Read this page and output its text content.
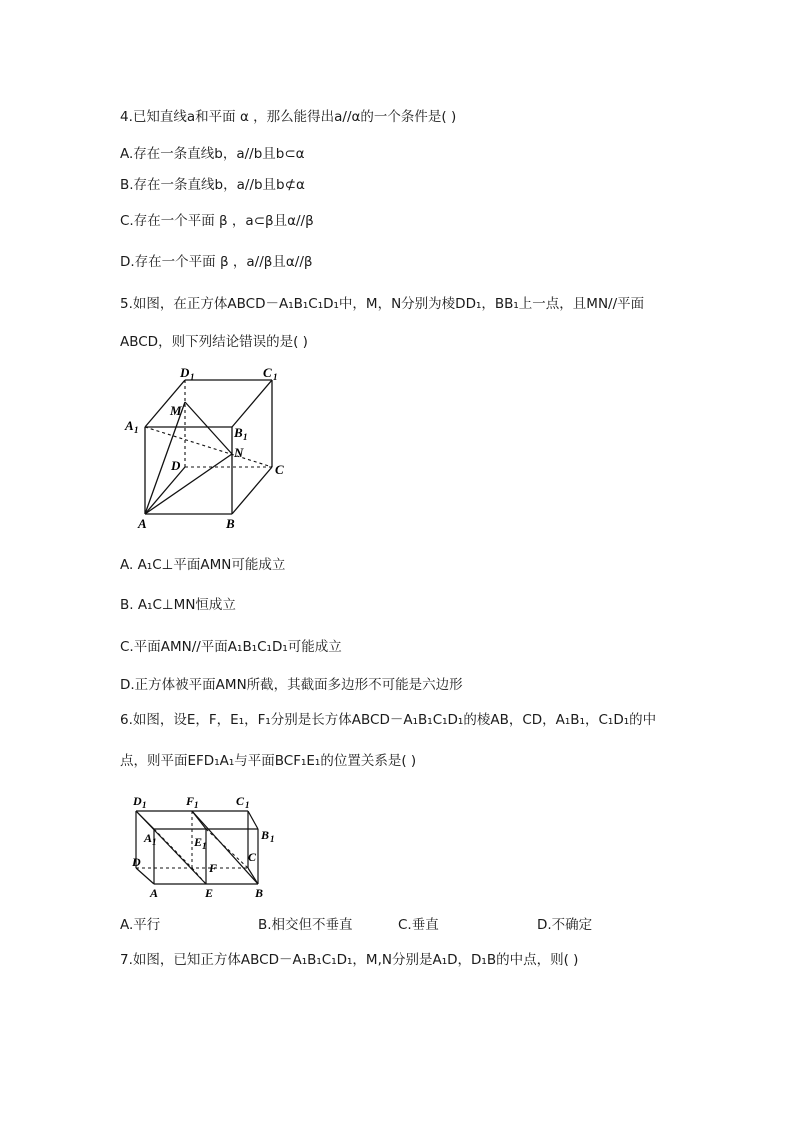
4.已知直线a和平面 α ，那么能得出a//α的一个条件是( )
A.存在一条直线b，a//b且b⊂α
B.存在一条直线b，a//b且b⊄α
C.存在一个平面 β ，a⊂β且α//β
D.存在一个平面 β ，a//β且α//β
5.如图，在正方体ABCD－A₁B₁C₁D₁中，M，N分别为棱DD₁，BB₁上一点，且MN//平面
ABCD，则下列结论错误的是( )
D 1	C 1
A 1	B 1
M
N
D	C
A	B
A. A₁C⊥平面AMN可能成立
B. A₁C⊥MN恒成立
C.平面AMN//平面A₁B₁C₁D₁可能成立
D.正方体被平面AMN所截，其截面多边形不可能是六边形
6.如图，设E，F，E₁，F₁分别是长方体ABCD－A₁B₁C₁D₁的棱AB，CD，A₁B₁，C₁D₁的中
点，则平面EFD₁A₁与平面BCF₁E₁的位置关系是( )
D 1	F 1	C 1
A 1	E 1
B 1
D	F
C
A	E	B
A.平行	B.相交但不垂直	C.垂直	D.不确定
7.如图，已知正方体ABCD－A₁B₁C₁D₁，M,N分别是A₁D，D₁B的中点，则( )
